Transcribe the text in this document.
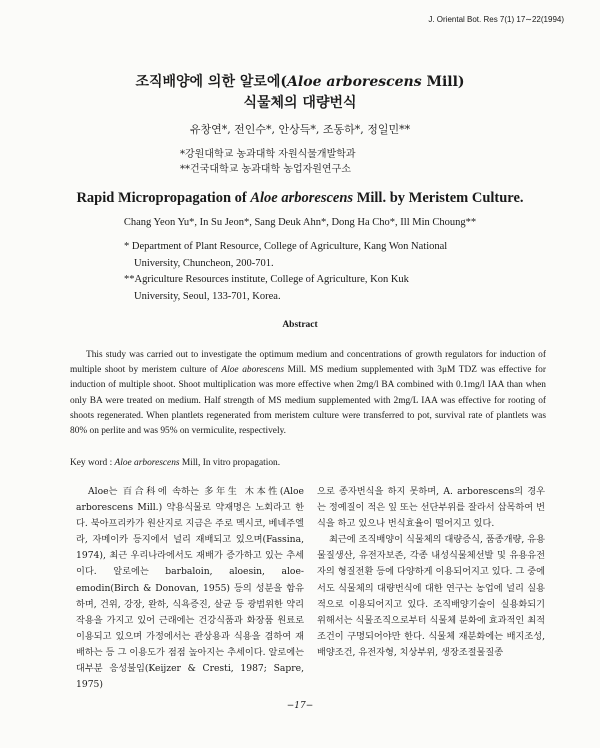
J. Oriental Bot. Res 7(1) 17∼22(1994)
조직배양에 의한 알로에(Aloe arborescens Mill)
식물체의 대량번식
유창연*, 전인수*, 안상득*, 조동하*, 정일민**
*강원대학교 농과대학 자원식물개발학과
**건국대학교 농과대학 농업자원연구소
Rapid Micropropagation of Aloe arborescens Mill. by Meristem Culture.
Chang Yeon Yu*, In Su Jeon*, Sang Deuk Ahn*, Dong Ha Cho*, Ill Min Choung**
* Department of Plant Resource, College of Agriculture, Kang Won National
University, Chuncheon, 200-701.
**Agriculture Resources institute, College of Agriculture, Kon Kuk
University, Seoul, 133-701, Korea.
Abstract
This study was carried out to investigate the optimum medium and concentrations of growth regulators for induction of multiple shoot by meristem culture of Aloe aborescens Mill. MS medium supplemented with 3μM TDZ was effective for induction of multiple shoot. Shoot multiplication was more effective when 2mg/l BA combined with 0.1mg/l IAA than when only BA were treated on medium. Half strength of MS medium supplemented with 2mg/L IAA was effective for rooting of shoots regenerated. When plantlets regenerated from meristem culture were transferred to pot, survival rate of plantlets was 80% on perlite and was 95% on vermiculite, respectively.
Key word : Aloe arborescens Mill, In vitro propagation.

Aloe는 百合科에 속하는 多年生 木本性(Aloe arborescens Mill.) 약용식물로 약재명은 노회라고 한다. 북아프리카가 원산지로 지금은 주로 멕시코, 베네주엘라, 자메이카 등지에서 널리 재배되고 있으며(Fassina, 1974), 최근 우리나라에서도 재배가 증가하고 있는 추세이다. 알로에는 barbaloin, aloesin, aloe-emodin(Birch & Donovan, 1955) 등의 성분을 함유하며, 건위, 강장, 완하, 식욕증진, 살균 등 광범위한 약리작용을 가지고 있어 근래에는 건강식품과 화장품 원료로 이용되고 있으며 가정에서는 관상용과 식용을 겸하여 재배하는 등 그 이용도가 점점 높아지는 추세이다. 알로에는 대부분 응성불임(Keijzer & Cresti, 1987; Sapre, 1975)

으로 종자번식을 하지 못하며, A. arborescens의 경우는 정예질이 적은 잎 또는 선단부위를 잘라서 삽목하여 번식을 하고 있으나 번식효율이 떨어지고 있다.

최근에 조직배양이 식물체의 대량증식, 품종개량, 유용물질생산, 유전자보존, 각종 내성식물체선발 및 유용유전자의 형질전환 등에 다양하게 이용되어지고 있다. 그 중에서도 식물체의 대량번식에 대한 연구는 농업에 널리 실용적으로 이용되어지고 있다. 조직배양기술이 실용화되기 위해서는 식물조직으로부터 식물체 분화에 효과적인 최적조건이 구명되어야만 한다. 식물체 재분화에는 배지조성, 배양조건, 유전자형, 치상부위, 생장조절물질종

−17−
